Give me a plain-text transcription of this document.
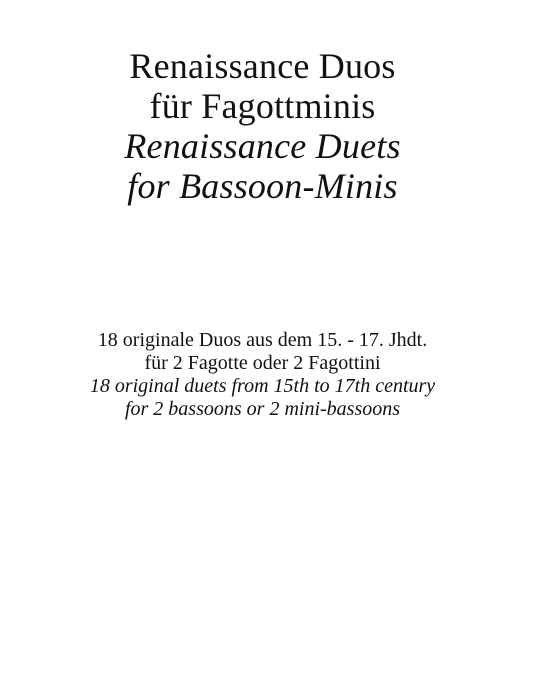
Renaissance Duos
für Fagottminis
Renaissance Duets
for Bassoon-Minis
18 originale Duos aus dem 15. - 17. Jhdt.
für 2 Fagotte oder 2 Fagottini
18 original duets from 15th to 17th century
for 2 bassoons or 2 mini-bassoons
